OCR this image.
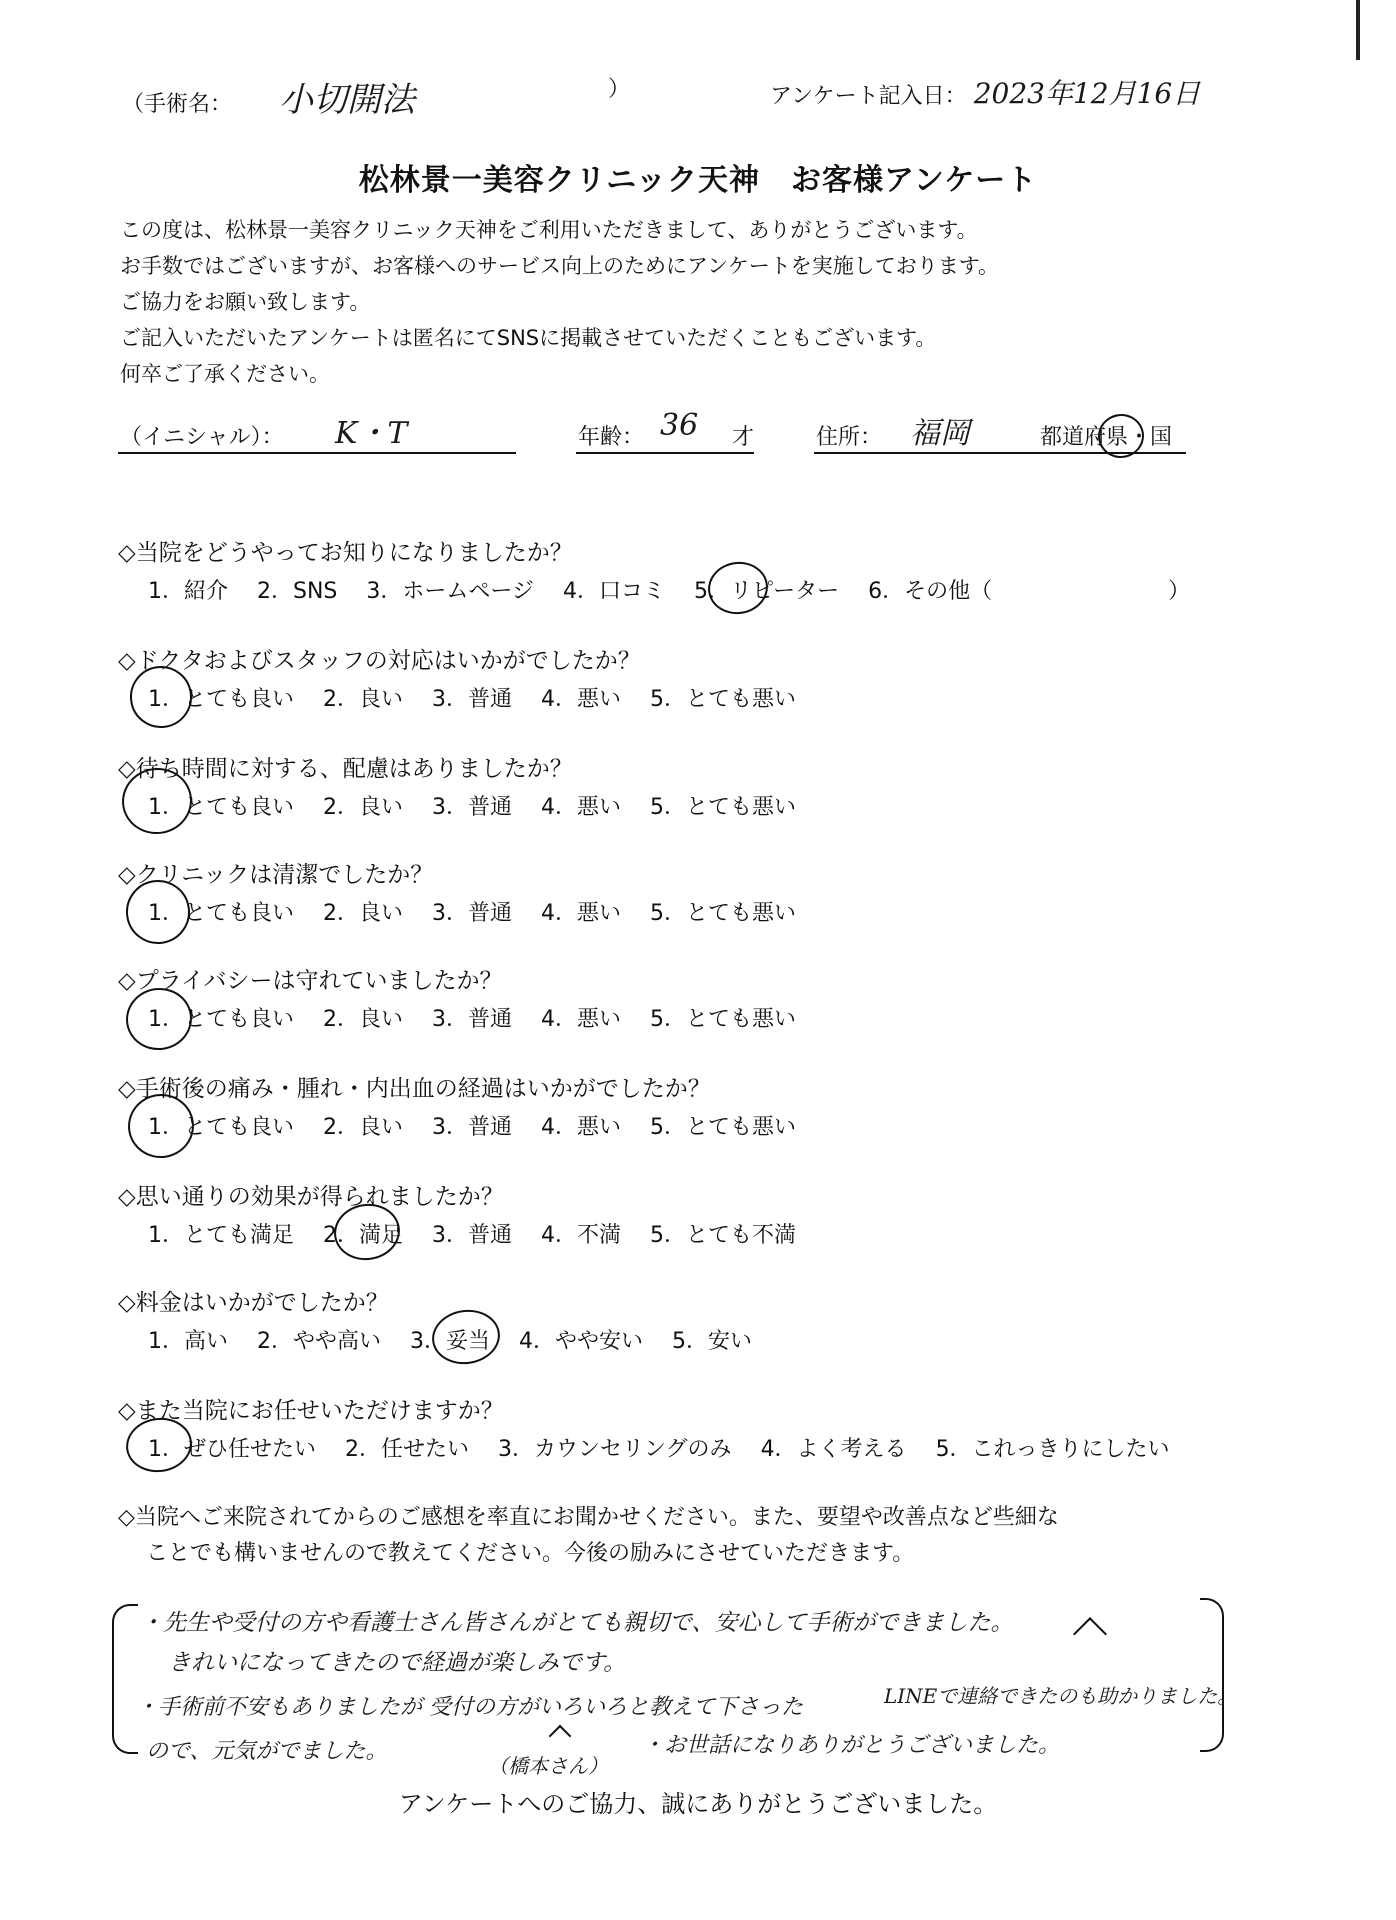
（手術名： 小切開法	）	アンケート記入日： 2023年12月16日
松林景一美容クリニック天神　お客様アンケート
この度は、松林景一美容クリニック天神をご利用いただきまして、ありがとうございます。
お手数ではございますが、お客様へのサービス向上のためにアンケートを実施しております。
ご協力をお願い致します。
ご記入いただいたアンケートは匿名にてSNSに掲載させていただくこともございます。
何卒ご了承ください。
（イニシャル）： K・T	年齢： 36 才	住所： 福岡	都道府県・国
◇当院をどうやってお知りになりましたか？
1．紹介 2．SNS 3．ホームページ 4．口コミ 5．リピーター 6．その他（　　　　　　　　）
◇ドクタおよびスタッフの対応はいかがでしたか？
1．とても良い 2．良い 3．普通 4．悪い 5．とても悪い
◇待ち時間に対する、配慮はありましたか？
1．とても良い 2．良い 3．普通 4．悪い 5．とても悪い
◇クリニックは清潔でしたか？
1．とても良い 2．良い 3．普通 4．悪い 5．とても悪い
◇プライバシーは守れていましたか？
1．とても良い 2．良い 3．普通 4．悪い 5．とても悪い
◇手術後の痛み・腫れ・内出血の経過はいかがでしたか？
1．とても良い 2．良い 3．普通 4．悪い 5．とても悪い
◇思い通りの効果が得られましたか？
1．とても満足 2．満足 3．普通 4．不満 5．とても不満
◇料金はいかがでしたか？
1．高い 2．やや高い 3．妥当 4．やや安い 5．安い
◇また当院にお任せいただけますか？
1．ぜひ任せたい 2．任せたい 3．カウンセリングのみ 4．よく考える 5．これっきりにしたい
◇当院へご来院されてからのご感想を率直にお聞かせください。また、要望や改善点など些細な
ことでも構いませんので教えてください。今後の励みにさせていただきます。
・先生や受付の方や看護士さん皆さんがとても親切で、安心して手術ができました。
きれいになってきたので経過が楽しみです。
・手術前不安もありましたが 受付の方がいろいろと教えて下さった	LINEで連絡できたのも助かりました。
ので、元気がでました。
（橋本さん）
・お世話になりありがとうございました。
アンケートへのご協力、誠にありがとうございました。
